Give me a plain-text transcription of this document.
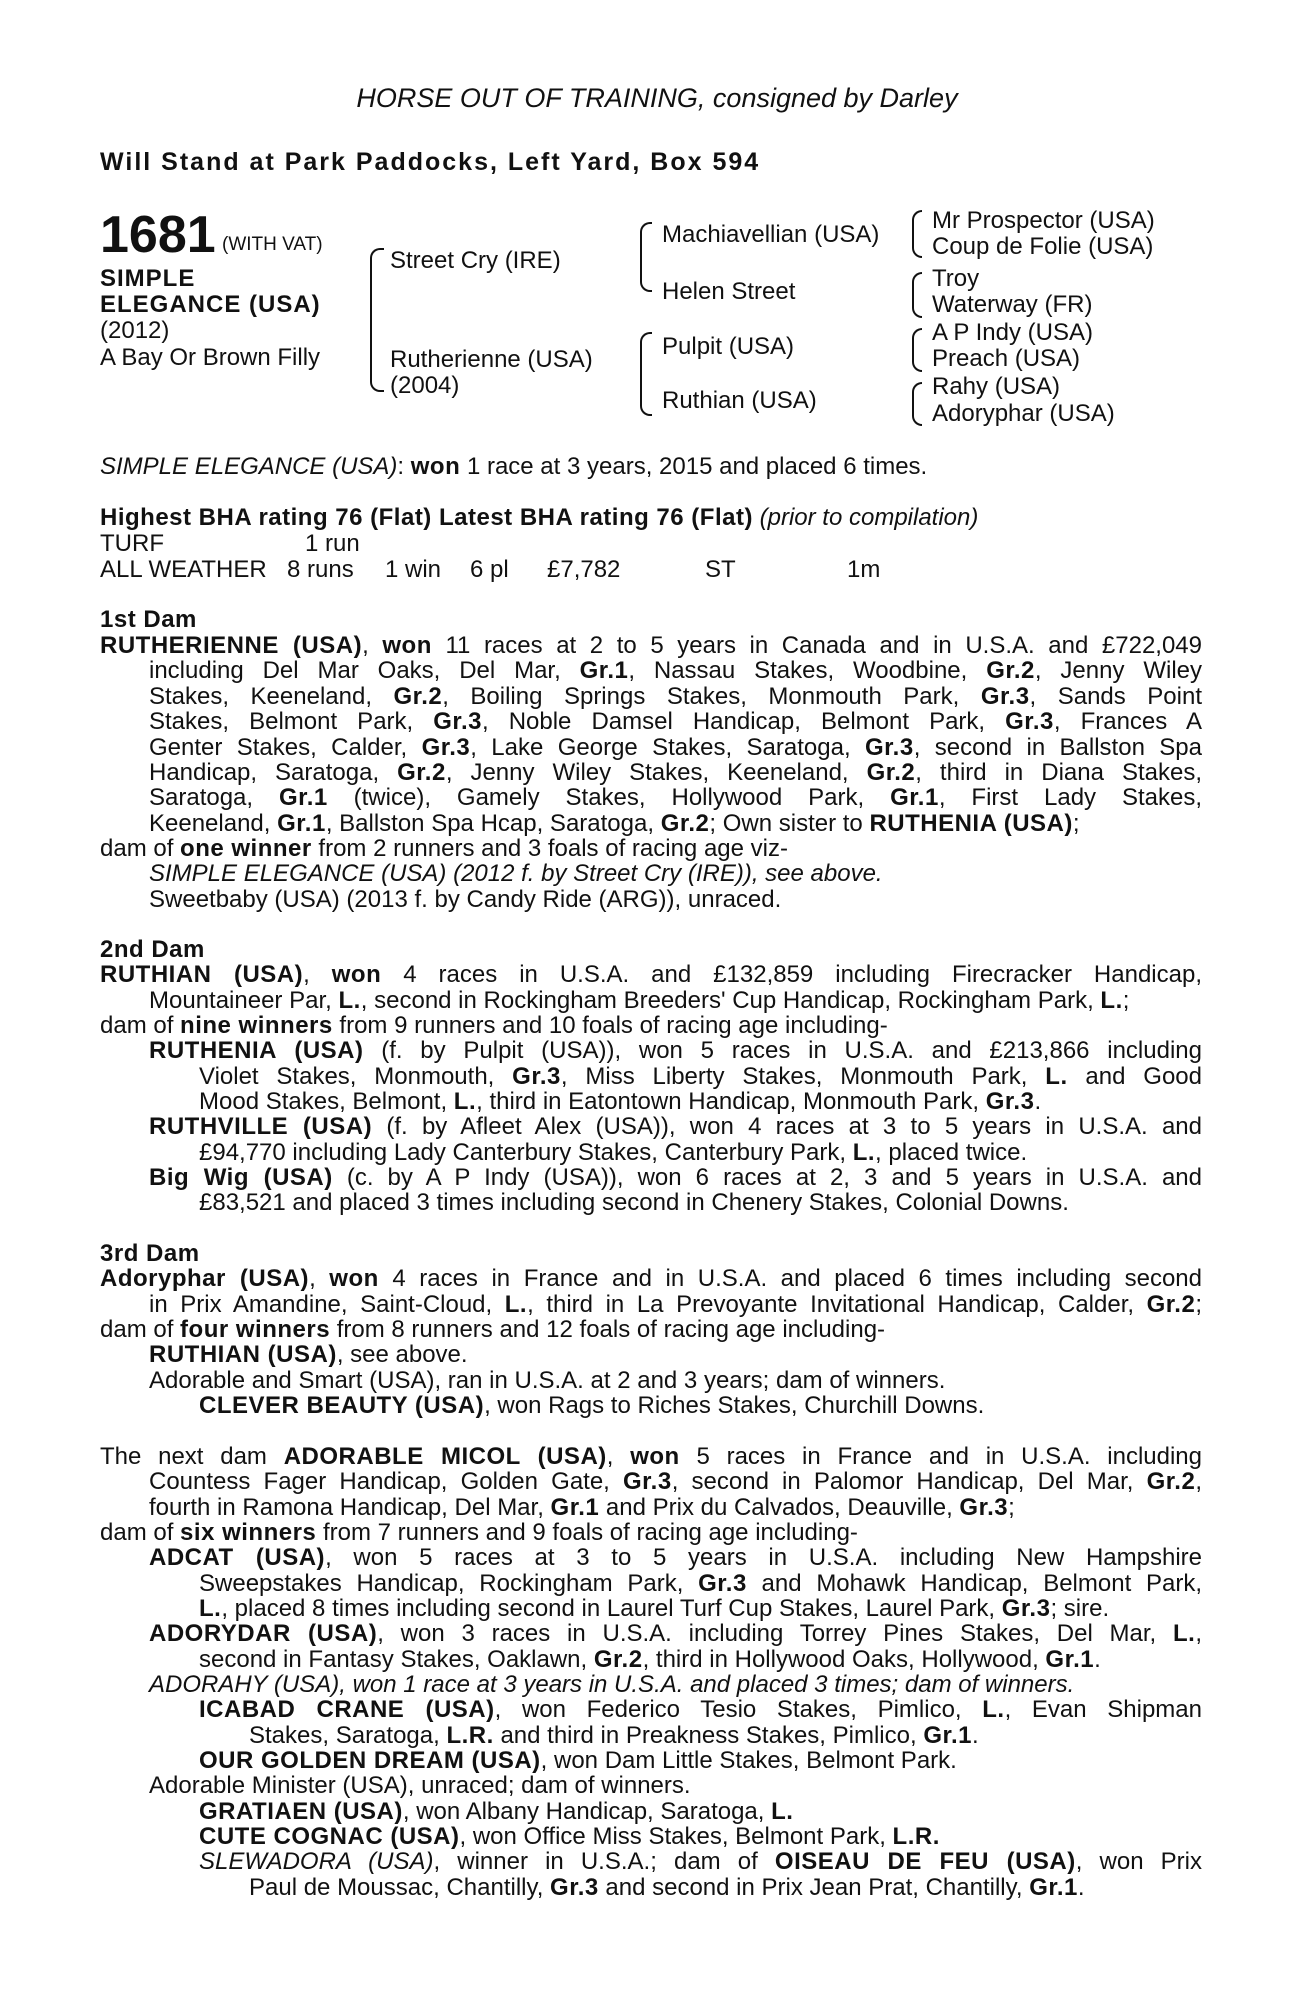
HORSE OUT OF TRAINING, consigned by Darley
Will Stand at Park Paddocks, Left Yard, Box 594
1681 (WITH VAT)
SIMPLE
ELEGANCE (USA)
(2012)
A Bay Or Brown Filly
Street Cry (IRE)
Rutherienne (USA)
(2004)
Machiavellian (USA)
Helen Street
Pulpit (USA)
Ruthian (USA)
Mr Prospector (USA)
Coup de Folie (USA)
Troy
Waterway (FR)
A P Indy (USA)
Preach (USA)
Rahy (USA)
Adoryphar (USA)
SIMPLE ELEGANCE (USA): won 1 race at 3 years, 2015 and placed 6 times.
Highest BHA rating 76 (Flat) Latest BHA rating 76 (Flat) (prior to compilation)
TURF	1 run
ALL WEATHER 8 runs 1 win 6 pl £7,782	ST	1m
1st Dam
RUTHERIENNE (USA), won 11 races at 2 to 5 years in Canada and in U.S.A. and £722,049
including Del Mar Oaks, Del Mar, Gr.1, Nassau Stakes, Woodbine, Gr.2, Jenny Wiley
Stakes, Keeneland, Gr.2, Boiling Springs Stakes, Monmouth Park, Gr.3, Sands Point
Stakes, Belmont Park, Gr.3, Noble Damsel Handicap, Belmont Park, Gr.3, Frances A
Genter Stakes, Calder, Gr.3, Lake George Stakes, Saratoga, Gr.3, second in Ballston Spa
Handicap, Saratoga, Gr.2, Jenny Wiley Stakes, Keeneland, Gr.2, third in Diana Stakes,
Saratoga, Gr.1 (twice), Gamely Stakes, Hollywood Park, Gr.1, First Lady Stakes,
Keeneland, Gr.1, Ballston Spa Hcap, Saratoga, Gr.2; Own sister to RUTHENIA (USA);
dam of one winner from 2 runners and 3 foals of racing age viz-
SIMPLE ELEGANCE (USA) (2012 f. by Street Cry (IRE)), see above.
Sweetbaby (USA) (2013 f. by Candy Ride (ARG)), unraced.
2nd Dam
RUTHIAN (USA), won 4 races in U.S.A. and £132,859 including Firecracker Handicap,
Mountaineer Par, L., second in Rockingham Breeders' Cup Handicap, Rockingham Park, L.;
dam of nine winners from 9 runners and 10 foals of racing age including-
RUTHENIA (USA) (f. by Pulpit (USA)), won 5 races in U.S.A. and £213,866 including
Violet Stakes, Monmouth, Gr.3, Miss Liberty Stakes, Monmouth Park, L. and Good
Mood Stakes, Belmont, L., third in Eatontown Handicap, Monmouth Park, Gr.3.
RUTHVILLE (USA) (f. by Afleet Alex (USA)), won 4 races at 3 to 5 years in U.S.A. and
£94,770 including Lady Canterbury Stakes, Canterbury Park, L., placed twice.
Big Wig (USA) (c. by A P Indy (USA)), won 6 races at 2, 3 and 5 years in U.S.A. and
£83,521 and placed 3 times including second in Chenery Stakes, Colonial Downs.
3rd Dam
Adoryphar (USA), won 4 races in France and in U.S.A. and placed 6 times including second
in Prix Amandine, Saint-Cloud, L., third in La Prevoyante Invitational Handicap, Calder, Gr.2;
dam of four winners from 8 runners and 12 foals of racing age including-
RUTHIAN (USA), see above.
Adorable and Smart (USA), ran in U.S.A. at 2 and 3 years; dam of winners.
CLEVER BEAUTY (USA), won Rags to Riches Stakes, Churchill Downs.
The next dam ADORABLE MICOL (USA), won 5 races in France and in U.S.A. including
Countess Fager Handicap, Golden Gate, Gr.3, second in Palomor Handicap, Del Mar, Gr.2,
fourth in Ramona Handicap, Del Mar, Gr.1 and Prix du Calvados, Deauville, Gr.3;
dam of six winners from 7 runners and 9 foals of racing age including-
ADCAT (USA), won 5 races at 3 to 5 years in U.S.A. including New Hampshire
Sweepstakes Handicap, Rockingham Park, Gr.3 and Mohawk Handicap, Belmont Park,
L., placed 8 times including second in Laurel Turf Cup Stakes, Laurel Park, Gr.3; sire.
ADORYDAR (USA), won 3 races in U.S.A. including Torrey Pines Stakes, Del Mar, L.,
second in Fantasy Stakes, Oaklawn, Gr.2, third in Hollywood Oaks, Hollywood, Gr.1.
ADORAHY (USA), won 1 race at 3 years in U.S.A. and placed 3 times; dam of winners.
ICABAD CRANE (USA), won Federico Tesio Stakes, Pimlico, L., Evan Shipman
Stakes, Saratoga, L.R. and third in Preakness Stakes, Pimlico, Gr.1.
OUR GOLDEN DREAM (USA), won Dam Little Stakes, Belmont Park.
Adorable Minister (USA), unraced; dam of winners.
GRATIAEN (USA), won Albany Handicap, Saratoga, L.
CUTE COGNAC (USA), won Office Miss Stakes, Belmont Park, L.R.
SLEWADORA (USA), winner in U.S.A.; dam of OISEAU DE FEU (USA), won Prix
Paul de Moussac, Chantilly, Gr.3 and second in Prix Jean Prat, Chantilly, Gr.1.
